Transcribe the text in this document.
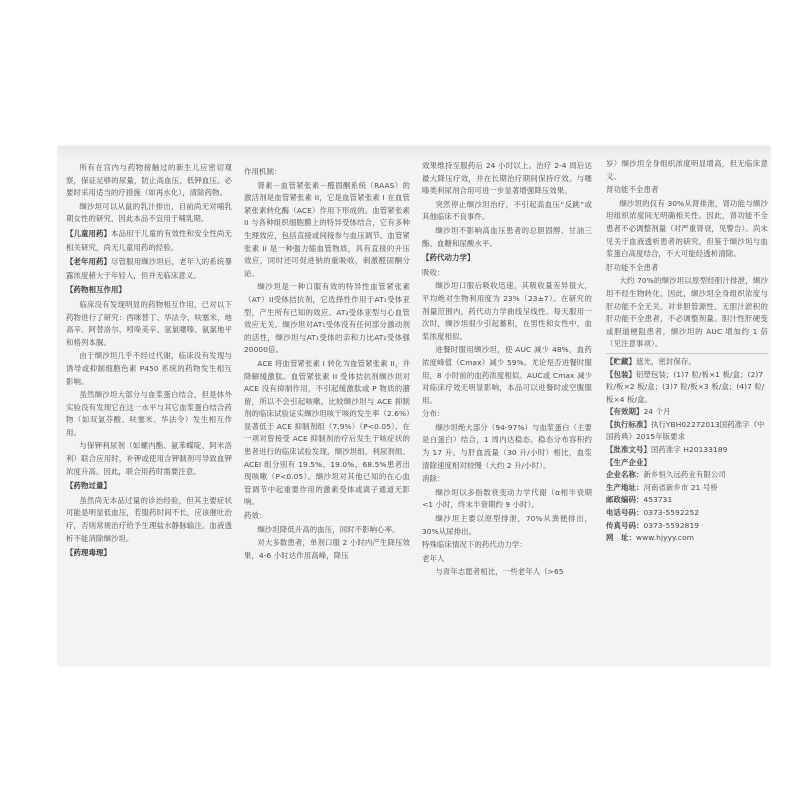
所有在宫内与药物接触过的新生儿应密切观察，保证足够的尿量，防止高血压、低钾血压。必要时采用适当的疗措施（如再水化），清除药物。

缬沙坦可以从鼠的乳汁排出，目前尚无对哺乳期女性的研究，因此本品不宜用于哺乳期。

【儿童用药】本品用于儿童的有效性和安全性尚无相关研究，尚无儿童用药的经验。

【老年用药】尽管服用缬沙坦后，老年人的系统暴露浓度稍大于年轻人，但并无临床意义。

【药物相互作用】

临床没有发现明显的药物相互作用，已对以下药物进行了研究：西咪替丁、华法令、呋塞米、地高辛、阿替洛尔、吲哚美辛、氢氯噻嗪、氨氯地平和格列本脲。

由于缬沙坦几乎不经过代谢，临床没有发现与诱导或抑制细胞色素 P450 系统的药物发生相互影响。

虽然缬沙坦大部分与血浆蛋白结合，但是体外实验没有发现它在这一水平与其它血浆蛋白结合药物（如双氯芬酸、呋塞米、华法令）发生相互作用。

与保钾利尿剂（如螺内酯、氨苯蝶啶、阿米洛利）联合应用时，补钾或使用含钾制剂可导致血钾浓度升高。因此，联合用药时需要注意。

【药物过量】

虽然尚无本品过量的诊治经验，但其主要症状可能是明显低血压，若服药时间不长，应该催吐治疗，否则常规治疗给予生理盐水静脉输注。血液透析不能消除缬沙坦。

【药理毒理】

作用机制：

肾素－血管紧张素－醛固酮系统（RAAS）的激活剂是血管紧张素 II，它是血管紧张素 I 在血管紧张素转化酶（ACE）作用下形成的。血管紧张素 II 与各种组织细胞膜上的特异受体结合，它有多种生理效应，包括直接或间接参与血压调节。血管紧张素 II 是一种强力缩血管物质，具有直接的升压效应，同时还可促进钠的重吸收，刺激醛固酮分泌。

缬沙坦是一种口服有效的特异性血管紧张素（AT）II受体拮抗剂，它选择性作用于AT₁受体亚型，产生所有已知的效应。AT₂受体亚型与心血管效应无关。缬沙坦对AT₁受体没有任何部分激动剂的活性，缬沙坦与AT₁受体的亲和力比AT₂受体强20000倍。

ACE 将血管紧张素 I 转化为血管紧张素 II，并降解缓激肽。血管紧张素 II 受体拮抗剂缬沙坦对 ACE 没有抑制作用，不引起缓激肽或 P 物质的潴留，所以不会引起咳嗽。比较缬沙坦与 ACE 抑制剂的临床试验证实缬沙坦咳干咳的发生率（2.6%）显著低于 ACE 抑制剂组（7.9%）（P<0.05）。在一项对曾接受 ACE 抑制剂治疗后发生干咳症状的患者进行的临床试验发现，缬沙坦组、利尿剂组、ACEI 组分别有 19.5%、19.0%、68.5%患者出现咳嗽（P<0.05）。缬沙坦对其他已知的在心血管调节中起重要作用的激素受体或离子通道无影响。

药效：

缬沙坦降低升高的血压，同时不影响心率。

对大多数患者，单剂口服 2 小时内产生降压效果，4-6 小时达作用高峰，降压

效果维持至服药后 24 小时以上。治疗 2-4 周后达最大降压疗效，并在长期治疗期间保持疗效。与噻嗪类利尿剂合用可进一步显著增强降压效果。

突然停止缬沙坦治疗，不引起高血压“反跳”或其他临床不良事件。

缬沙坦不影响高血压患者的总胆固醇、甘油三酯、血糖和尿酸水平。

【药代动力学】

吸收：

缬沙坦口服后吸收迅速，其吸收量差异很大，平均绝对生物利用度为 23%（23±7）。在研究的剂量范围内，药代动力学曲线呈线性。每天服用一次时，缬沙坦很少引起蓄积，在男性和女性中，血浆浓度相似。

进餐时服用缬沙坦，使 AUC 减少 48%，血药浓度峰值（Cmax）减少 59%。尤论是否进餐时服用，8 小时前的血药浓度相似。AUC或 Cmax 减少对临床疗效无明显影响，本品可以进餐时或空腹服用。

分布：

缬沙坦绝大部分（94-97%）与血浆蛋白（主要是白蛋白）结合，1 周内达稳态。稳态分布容积约为 17 升。与肝血流量（30 升/小时）相比，血浆清除速度相对较慢（大约 2 升/小时）。

消除：

缬沙坦以多指数衰变动力学代谢（α相半衰期<1 小时，终末半衰期约 9 小时）。

缬沙坦主要以原型排泄，70%从粪便排出，30%从尿排出。

特殊临床情况下的药代动力学：

老年人

与青年志愿者相比，一些老年人（>65

岁）缬沙坦全身组织浓度明显增高，但无临床意义。

肾功能不全患者

缬沙坦的仅有 30%从肾排泄，肾功能与缬沙坦组织浓度间无明确相关性。因此，肾功能不全患者不必调整剂量（对严重肾衰，见警告）。尚未见关于血液透析患者的研究，但鉴于缬沙坦与血浆蛋白高度结合，不大可能经透析清除。

肝功能不全患者

大约 70%的缬沙坦以原型经胆汁排泄，缬沙坦不经生物转化。因此，缬沙坦全身组织浓度与肝功能不全无关。对非胆管源性、无胆汁淤积的肝功能不全患者，不必调整剂量。胆汁性肝硬变或胆道梗阻患者，缬沙坦的 AUC 增加约 1 倍（见注意事项）。

【贮藏】遮光，密封保存。
【包装】铝塑包装；(1)7 粒/板×1 板/盒；(2)7 粒/板×2 板/盒；(3)7 粒/板×3 板/盒；(4)7 粒/板×4 板/盒。
【有效期】24 个月
【执行标准】执行YBH02272013国药准字《中国药典》2015年版要求
【批准文号】国药准字 H20133189
【生产企业】
企业名称：新乡恒久远药业有限公司
生产地址：河南省新乡市 21 号桥
邮政编码：453731
电话号码：0373-5592252
传真号码：0373-5592819
网　址：www.hjyyy.com
